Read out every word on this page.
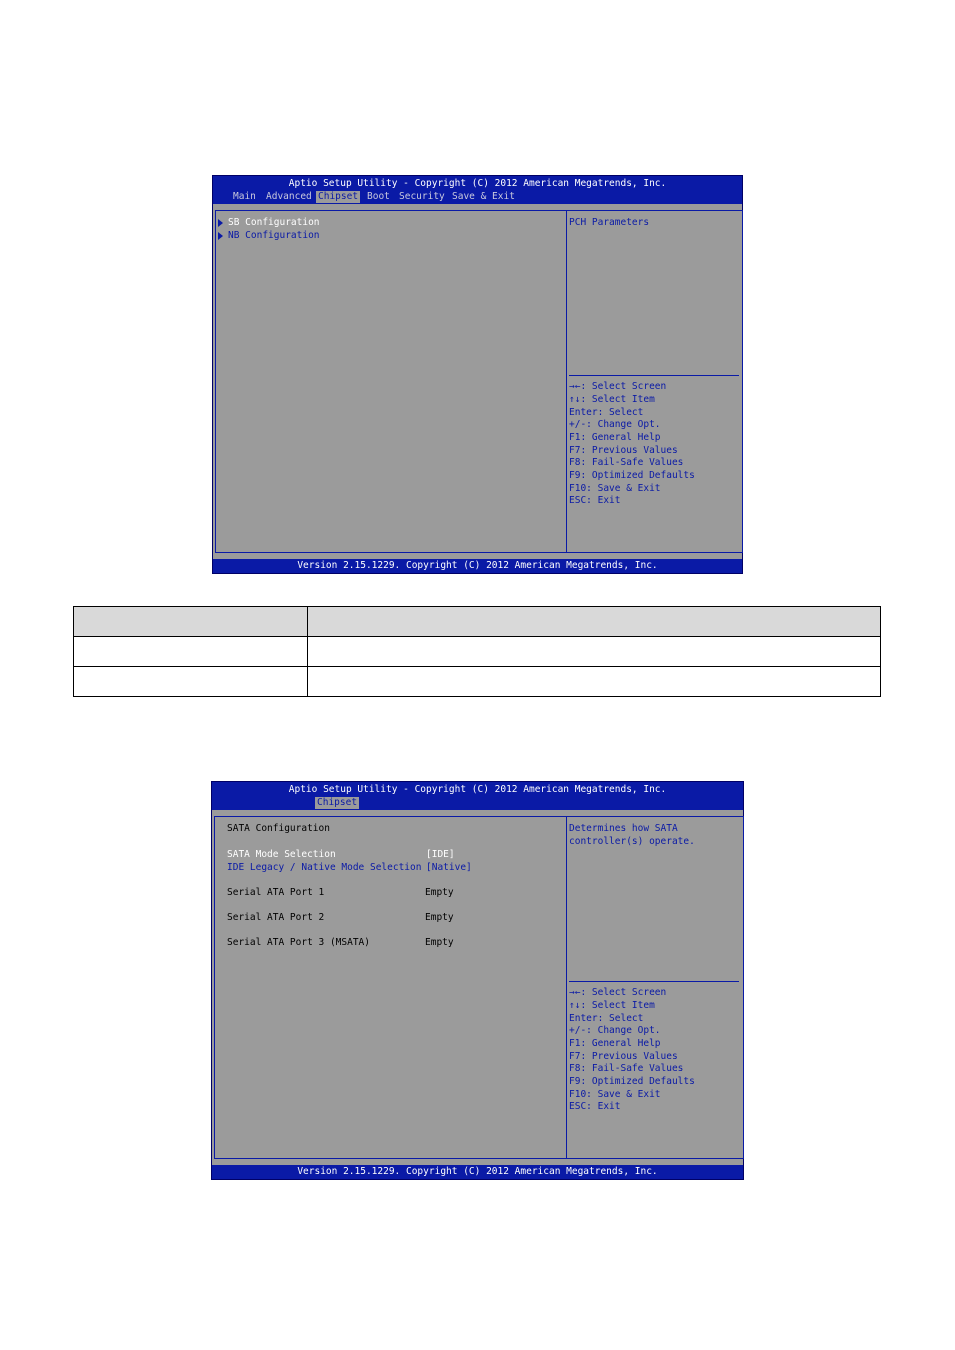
Aptio Setup Utility - Copyright (C) 2012 American Megatrends, Inc.
Main Advanced Chipset Boot Security Save & Exit
SB Configuration
NB Configuration
PCH Parameters
→←: Select Screen
↑↓: Select Item
Enter: Select
+/-: Change Opt.
F1: General Help
F7: Previous Values
F8: Fail-Safe Values
F9: Optimized Defaults
F10: Save & Exit
ESC: Exit
Version 2.15.1229. Copyright (C) 2012 American Megatrends, Inc.

Aptio Setup Utility - Copyright (C) 2012 American Megatrends, Inc.
Chipset
SATA Configuration
SATA Mode Selection	[IDE]
IDE Legacy / Native Mode Selection [Native]
Serial ATA Port 1	Empty
Serial ATA Port 2	Empty
Serial ATA Port 3 (MSATA)	Empty
Determines how SATA
controller(s) operate.
→←: Select Screen
↑↓: Select Item
Enter: Select
+/-: Change Opt.
F1: General Help
F7: Previous Values
F8: Fail-Safe Values
F9: Optimized Defaults
F10: Save & Exit
ESC: Exit
Version 2.15.1229. Copyright (C) 2012 American Megatrends, Inc.
